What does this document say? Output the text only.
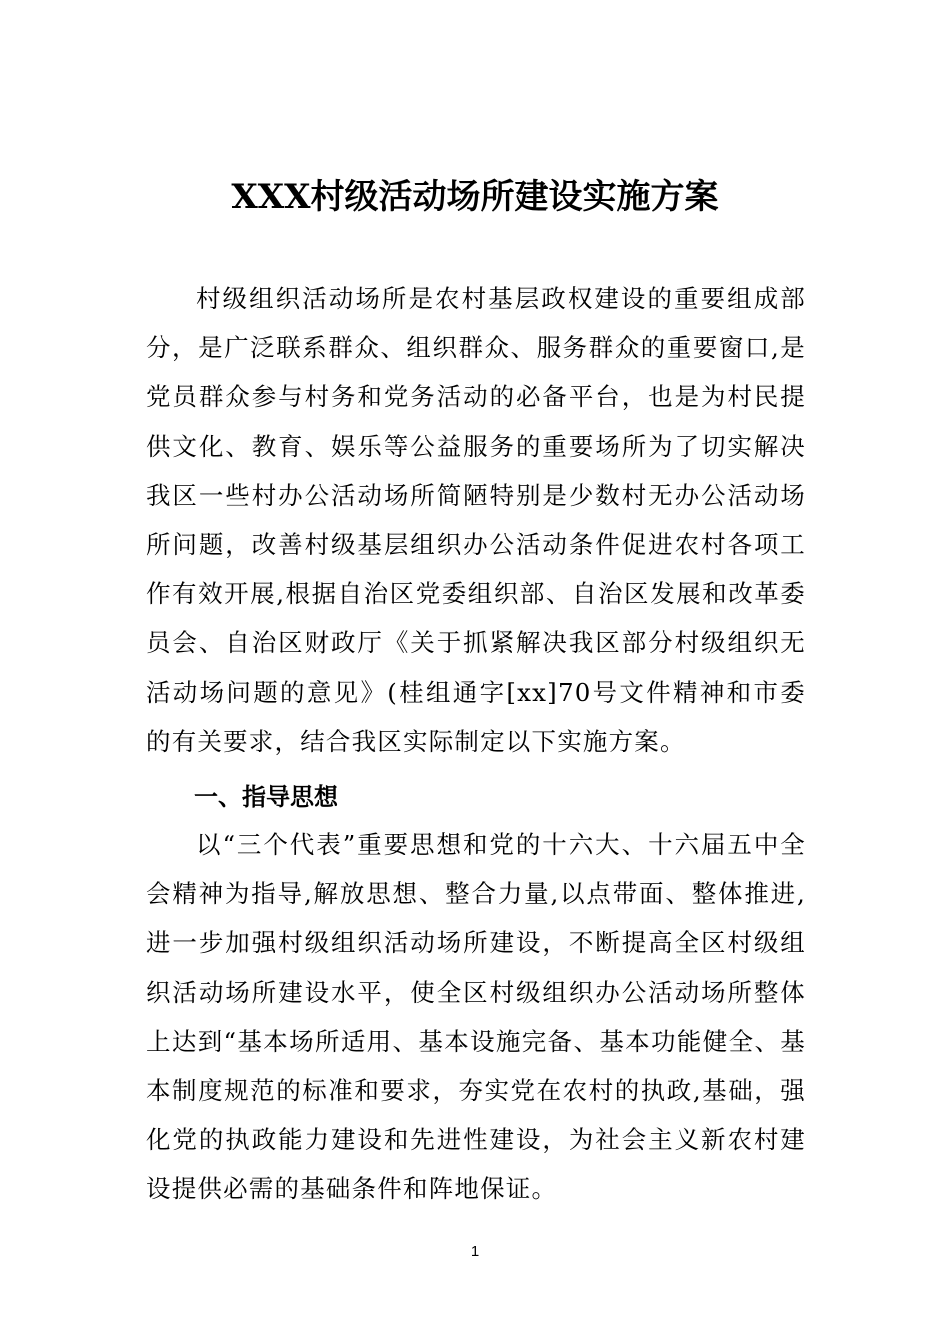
XXX村级活动场所建设实施方案
村级组织活动场所是农村基层政权建设的重要组成部分，是广泛联系群众、组织群众、服务群众的重要窗口,是党员群众参与村务和党务活动的必备平台，也是为村民提供文化、教育、娱乐等公益服务的重要场所为了切实解决我区一些村办公活动场所简陋特别是少数村无办公活动场所问题，改善村级基层组织办公活动条件促进农村各项工作有效开展,根据自治区党委组织部、自治区发展和改革委员会、自治区财政厅《关于抓紧解决我区部分村级组织无活动场问题的意见》(桂组通字[xx]70号文件精神和市委的有关要求，结合我区实际制定以下实施方案。
一、指导思想
以“三个代表”重要思想和党的十六大、十六届五中全会精神为指导,解放思想、整合力量,以点带面、整体推进,进一步加强村级组织活动场所建设，不断提高全区村级组织活动场所建设水平，使全区村级组织办公活动场所整体上达到“基本场所适用、基本设施完备、基本功能健全、基本制度规范的标准和要求，夯实党在农村的执政,基础，强化党的执政能力建设和先进性建设，为社会主义新农村建设提供必需的基础条件和阵地保证。
1
